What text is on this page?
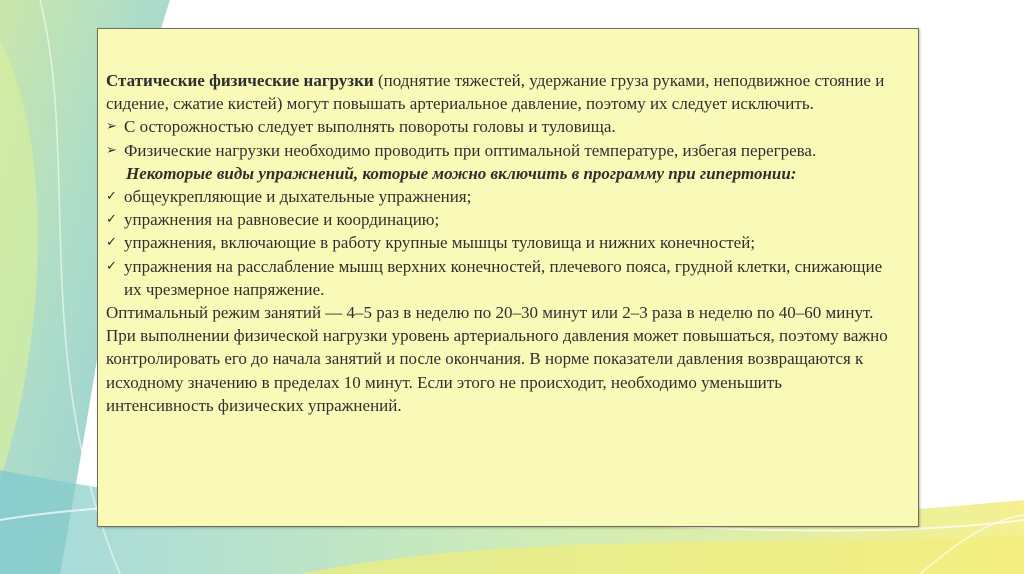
Статические физические нагрузки (поднятие тяжестей, удержание груза руками, неподвижное стояние и сидение, сжатие кистей) могут повышать артериальное давление, поэтому их следует исключить.

➢ С осторожностью следует выполнять повороты головы и туловища.
➢ Физические нагрузки необходимо проводить при оптимальной температуре, избегая перегрева.

Некоторые виды упражнений, которые можно включить в программу при гипертонии:

✓ общеукрепляющие и дыхательные упражнения;
✓ упражнения на равновесие и координацию;
✓ упражнения, включающие в работу крупные мышцы туловища и нижних конечностей;
✓ упражнения на расслабление мышц верхних конечностей, плечевого пояса, грудной клетки, снижающие их чрезмерное напряжение.

Оптимальный режим занятий — 4–5 раз в неделю по 20–30 минут или 2–3 раза в неделю по 40–60 минут.

При выполнении физической нагрузки уровень артериального давления может повышаться, поэтому важно контролировать его до начала занятий и после окончания. В норме показатели давления возвращаются к исходному значению в пределах 10 минут. Если этого не происходит, необходимо уменьшить интенсивность физических упражнений.
